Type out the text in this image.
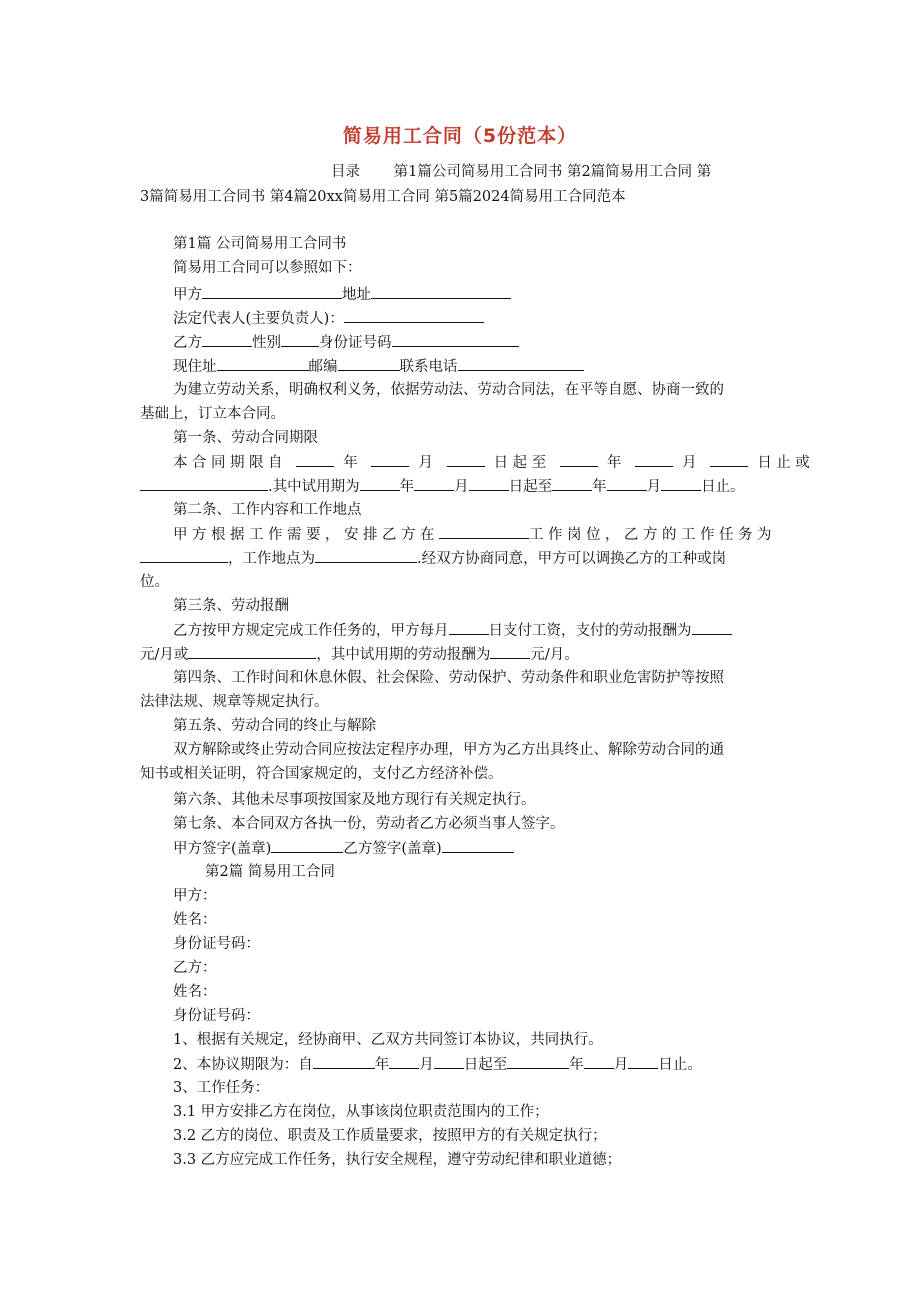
简易用工合同（5份范本）
目录　　 第1篇公司简易用工合同书 第2篇简易用工合同 第
3篇简易用工合同书 第4篇20xx简易用工合同 第5篇2024简易用工合同范本
第1篇 公司简易用工合同书
简易用工合同可以参照如下：
甲方	地址
法定代表人(主要负责人)：
乙方	性别	身份证号码
现住址	邮编	联系电话
为建立劳动关系，明确权利义务，依据劳动法、劳动合同法，在平等自愿、协商一致的
基础上，订立本合同。
第一条、劳动合同期限
本合同期限自	年	月	日起至	年	月	日止或
.其中试用期为	年	月	日起至	年	月	日止。
第二条、工作内容和工作地点
甲方根据工作需要，安排乙方在	工作岗位，乙方的工作任务为
，工作地点为	.经双方协商同意，甲方可以调换乙方的工种或岗
位。
第三条、劳动报酬
乙方按甲方规定完成工作任务的，甲方每月	日支付工资，支付的劳动报酬为
元/月或	，其中试用期的劳动报酬为	元/月。
第四条、工作时间和休息休假、社会保险、劳动保护、劳动条件和职业危害防护等按照
法律法规、规章等规定执行。
第五条、劳动合同的终止与解除
双方解除或终止劳动合同应按法定程序办理，甲方为乙方出具终止、解除劳动合同的通
知书或相关证明，符合国家规定的，支付乙方经济补偿。
第六条、其他未尽事项按国家及地方现行有关规定执行。
第七条、本合同双方各执一份，劳动者乙方必须当事人签字。
甲方签字(盖章)	乙方签字(盖章)
第2篇 简易用工合同
甲方：
姓名：
身份证号码：
乙方：
姓名：
身份证号码：
1、根据有关规定，经协商甲、乙双方共同签订本协议，共同执行。
2、本协议期限为：自	年 月 日起至	年 月 日止。
3、工作任务：
3.1 甲方安排乙方在岗位，从事该岗位职责范围内的工作；
3.2 乙方的岗位、职责及工作质量要求，按照甲方的有关规定执行；
3.3 乙方应完成工作任务，执行安全规程，遵守劳动纪律和职业道德；
